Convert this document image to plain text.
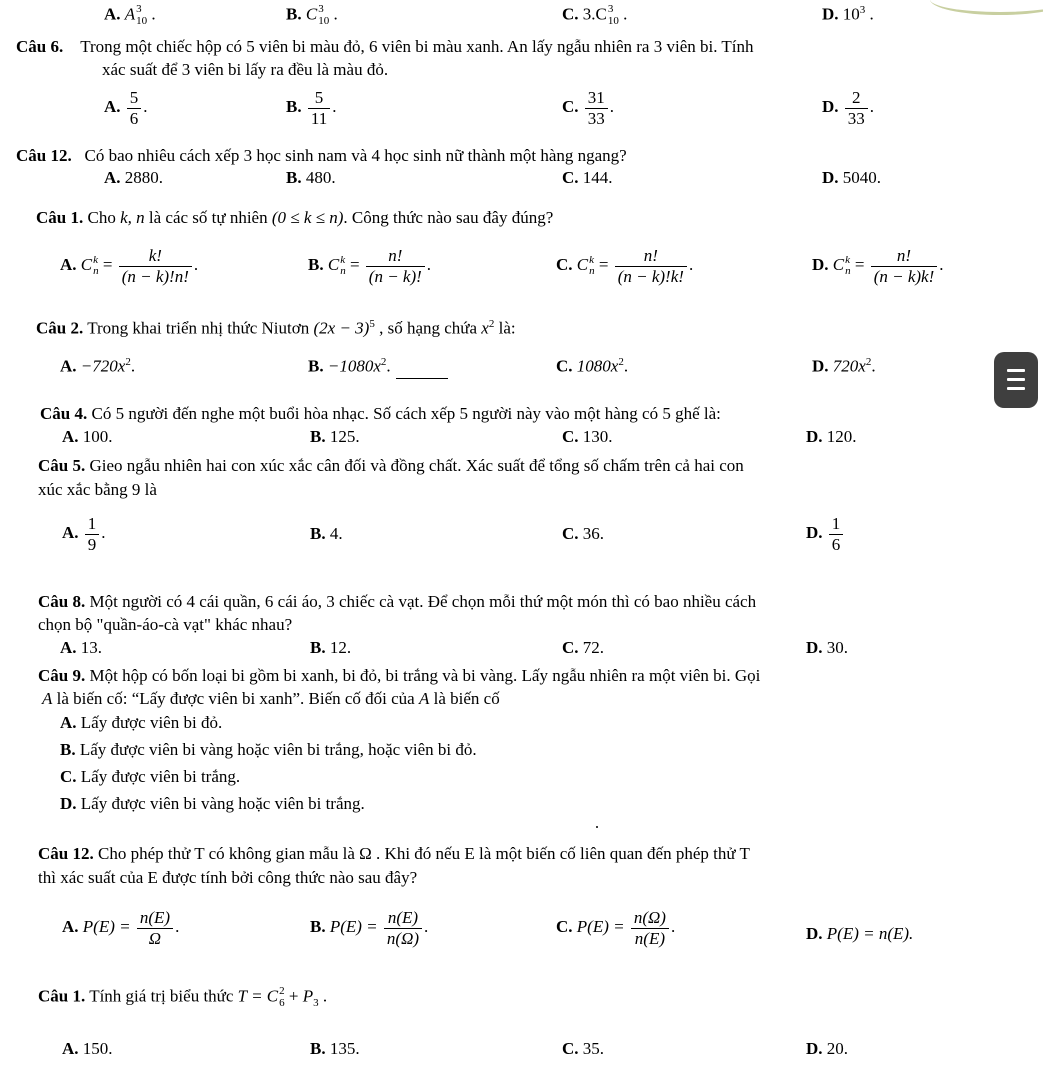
A. A 3
10 .	B. C 3
10 .	C. 3.C 3
10 .	D. $10^3$ .
Câu 6. Trong một chiếc hộp có 5 viên bi màu đỏ, 6 viên bi màu xanh. An lấy ngẫu nhiên ra 3 viên bi. Tính
xác suất để 3 viên bi lấy ra đều là màu đỏ.
A. $\frac{5}{6}$ .	B. $\frac{5}{11}$ .	C. $\frac{31}{33}$ .	D. $\frac{2}{33}$ .
Câu 12. Có bao nhiêu cách xếp 3 học sinh nam và 4 học sinh nữ thành một hàng ngang?
A. 2880.	B. 480.	C. 144.	D. 5040.
Câu 1. Cho k, n là các số tự nhiên (0 ≤ k ≤ n). Công thức nào sau đây đúng?
A. C k
$n = \frac{k!}{(n - k)!n!}$ .	B. C k
$n = \frac{n!}{(n - k)!}$ .	C. C k
$n = \frac{n!}{(n - k)!k!}$ .	D. C k
$n = \frac{n!}{(n - k)k!}$ .
Câu 2. Trong khai triển nhị thức Niutơn $(2x - 3)^5$ , số hạng chứa $x^2$ là:
A. $-720x^2$.	B. $-1080x^2$.	C. $1080x^2$.	D. $720x^2$.
Câu 4. Có 5 người đến nghe một buổi hòa nhạc. Số cách xếp 5 người này vào một hàng có 5 ghế là:
A. 100.	B. 125.	C. 130.	D. 120.
Câu 5. Gieo ngẫu nhiên hai con xúc xắc cân đối và đồng chất. Xác suất để tổng số chấm trên cả hai con
xúc xắc bằng 9 là
A. $\frac{1}{9}$ .	B. 4.	C. 36.	D. $\frac{1}{6}$
Câu 8. Một người có 4 cái quần, 6 cái áo, 3 chiếc cà vạt. Để chọn mỗi thứ một món thì có bao nhiều cách
chọn bộ "quần-áo-cà vạt" khác nhau?
A. 13.	B. 12.	C. 72.	D. 30.
Câu 9. Một hộp có bốn loại bi gồm bi xanh, bi đỏ, bi trắng và bi vàng. Lấy ngẫu nhiên ra một viên bi. Gọi
A là biến cố: “Lấy được viên bi xanh”. Biến cố đối của A là biến cố
A. Lấy được viên bi đỏ.
B. Lấy được viên bi vàng hoặc viên bi trắng, hoặc viên bi đỏ.
C. Lấy được viên bi trắng.
D. Lấy được viên bi vàng hoặc viên bi trắng.
Câu 12. Cho phép thử T có không gian mẫu là Ω . Khi đó nếu E là một biến cố liên quan đến phép thử T
thì xác suất của E được tính bởi công thức nào sau đây?
A. $P(E) = \frac{n(E)}{\Omega}$ .	B. $P(E) = \frac{n(E)}{n(\Omega)}$ .	C. $P(E) = \frac{n(\Omega)}{n(E)}$ .	D. P(E) = n(E).
Câu 1. Tính giá trị biểu thức T = C 2
$6 + P_3$ .
A. 150.	B. 135.	C. 35.	D. 20.
